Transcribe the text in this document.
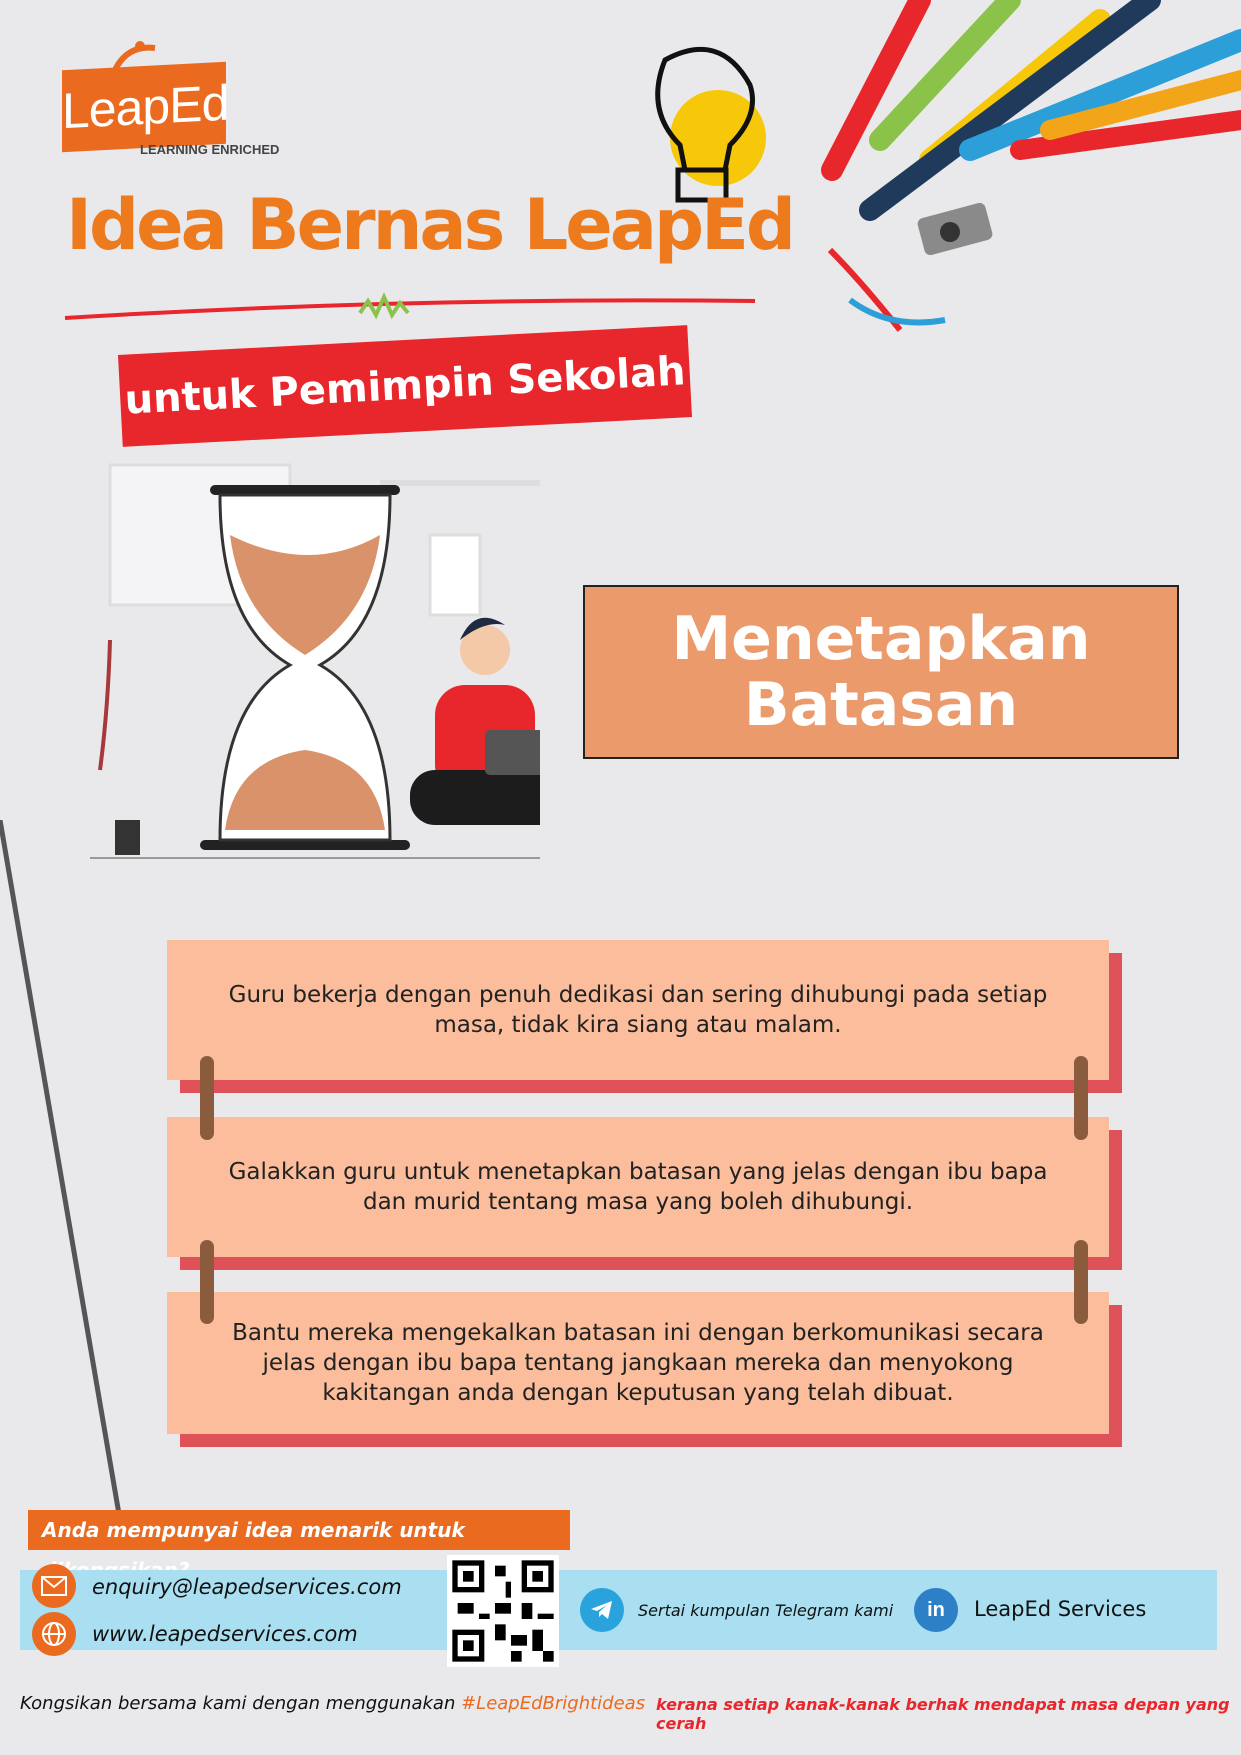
LeapEd
LEARNING ENRICHED
Idea Bernas LeapEd
untuk Pemimpin Sekolah
Menetapkan
Batasan
Guru bekerja dengan penuh dedikasi dan sering dihubungi pada setiap masa, tidak kira siang atau malam.
Galakkan guru untuk menetapkan batasan yang jelas dengan ibu bapa dan murid tentang masa yang boleh dihubungi.
Bantu mereka mengekalkan batasan ini dengan berkomunikasi secara jelas dengan ibu bapa tentang jangkaan mereka dan menyokong kakitangan anda dengan keputusan yang telah dibuat.
Anda mempunyai idea menarik untuk
enquiry@leapedservices.com
www.leapedservices.com
Sertai kumpulan Telegram kami in LeapEd Services
Kongsikan bersama kami dengan menggunakan #LeapEdBrightideas kerana setiap kanak-kanak berhak mendapat masa depan yang cerah
